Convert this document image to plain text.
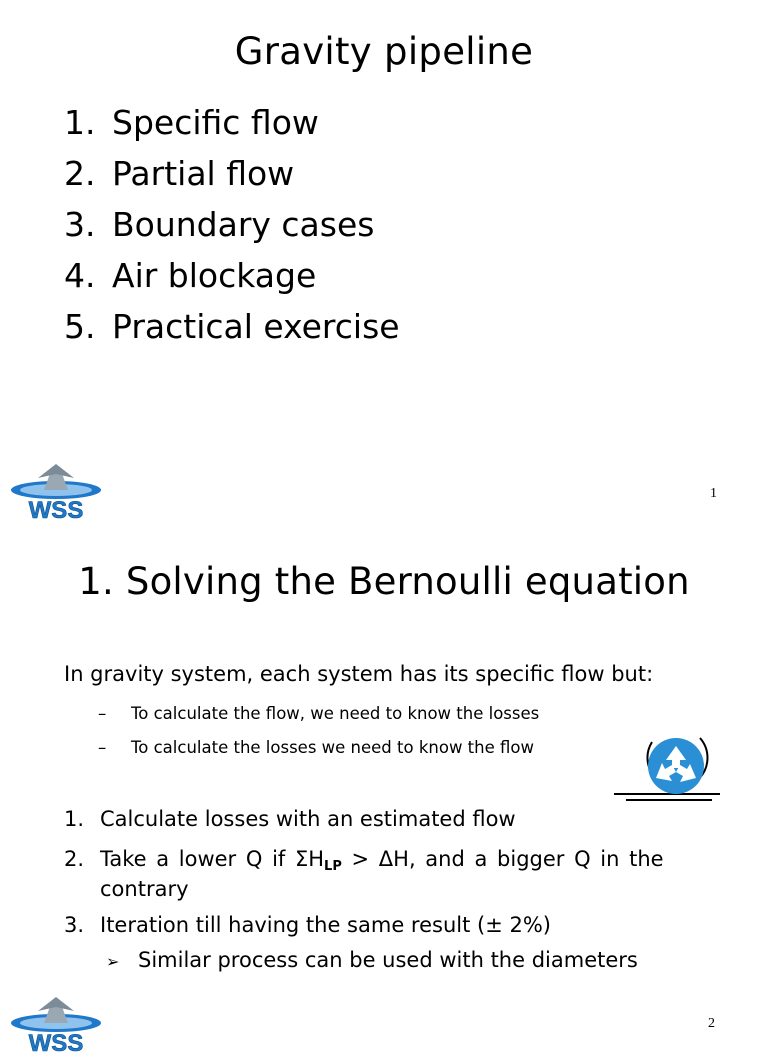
Gravity pipeline
1. Specific flow
2. Partial flow
3. Boundary cases
4. Air blockage
5. Practical exercise
WSS
1
1. Solving the Bernoulli equation
In gravity system, each system has its specific flow but:
– To calculate the flow, we need to know the losses
– To calculate the losses we need to know the flow
1. Calculate losses with an estimated flow
2. Take a lower Q if $\Sigma H_{LP} > \Delta H$, and a bigger Q in the
contrary
3. Iteration till having the same result (± 2%)
➢ Similar process can be used with the diameters
WSS
2
